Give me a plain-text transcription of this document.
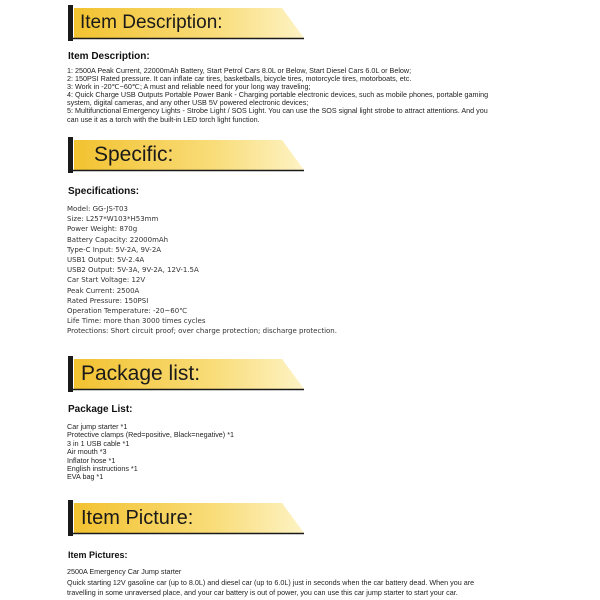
Item Description:
Item Description:
1: 2500A Peak Current, 22000mAh Battery, Start Petrol Cars 8.0L or Below, Start Diesel Cars 6.0L or Below;
2: 150PSI Rated pressure. It can inflate car tires, basketballs, bicycle tires, motorcycle tires, motorboats, etc.
3: Work in -20℃~60℃; A must and reliable need for your long way traveling;
4: Quick Charge USB Outputs Portable Power Bank - Charging portable electronic devices, such as mobile phones, portable gaming
system, digital cameras, and any other USB 5V powered electronic devices;
5: Multifunctional Emergency Lights - Strobe Light / SOS Light. You can use the SOS signal light strobe to attract attentions. And you
can use it as a torch with the built-in LED torch light function.
Specific:
Specifications:
Model: GG-JS-T03
Size: L257*W103*H53mm
Power Weight: 870g
Battery Capacity: 22000mAh
Type-C Input: 5V-2A, 9V-2A
USB1 Output: 5V-2.4A
USB2 Output: 5V-3A, 9V-2A, 12V-1.5A
Car Start Voltage: 12V
Peak Current: 2500A
Rated Pressure: 150PSI
Operation Temperature: -20~60℃
Life Time: more than 3000 times cycles
Protections: Short circuit proof; over charge protection; discharge protection.
Package list:
Package List:
Car jump starter *1
Protective clamps (Red=positive, Black=negative) *1
3 in 1 USB cable *1
Air mouth *3
Inflator hose *1
English instructions *1
EVA bag *1
Item Picture:
Item Pictures:
2500A Emergency Car Jump starter
Quick starting 12V gasoline car (up to 8.0L) and diesel car (up to 6.0L) just in seconds when the car battery dead. When you are
travelling in some unraversed place, and your car battery is out of power, you can use this car jump starter to start your car.
